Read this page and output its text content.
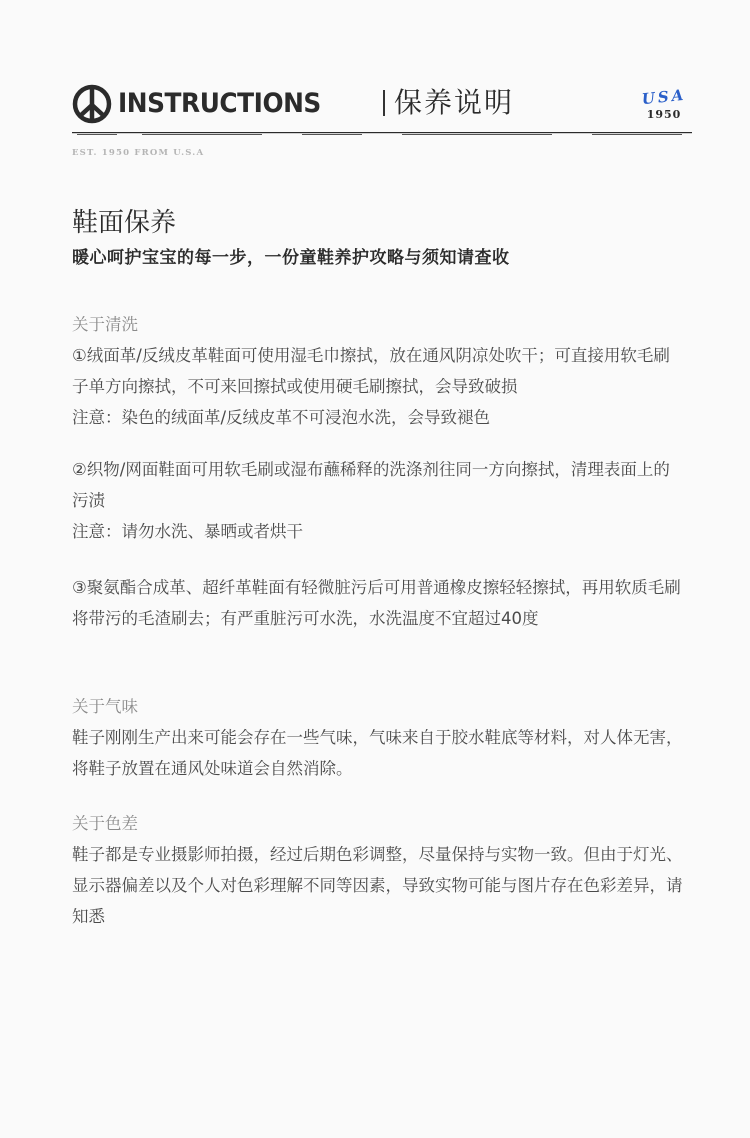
INSTRUCTIONS	保养说明	USA
1950
EST. 1950 FROM U.S.A
鞋面保养
暖心呵护宝宝的每一步，一份童鞋养护攻略与须知请查收

关于清洗

①绒面革/反绒皮革鞋面可使用湿毛巾擦拭，放在通风阴凉处吹干；可直接用软毛刷子单方向擦拭，不可来回擦拭或使用硬毛刷擦拭，会导致破损

注意：染色的绒面革/反绒皮革不可浸泡水洗，会导致褪色

②织物/网面鞋面可用软毛刷或湿布蘸稀释的洗涤剂往同一方向擦拭，清理表面上的污渍

注意：请勿水洗、暴晒或者烘干

③聚氨酯合成革、超纤革鞋面有轻微脏污后可用普通橡皮擦轻轻擦拭，再用软质毛刷将带污的毛渣刷去；有严重脏污可水洗，水洗温度不宜超过40度

关于气味

鞋子刚刚生产出来可能会存在一些气味，气味来自于胶水鞋底等材料，对人体无害，将鞋子放置在通风处味道会自然消除。

关于色差

鞋子都是专业摄影师拍摄，经过后期色彩调整，尽量保持与实物一致。但由于灯光、显示器偏差以及个人对色彩理解不同等因素，导致实物可能与图片存在色彩差异，请知悉
